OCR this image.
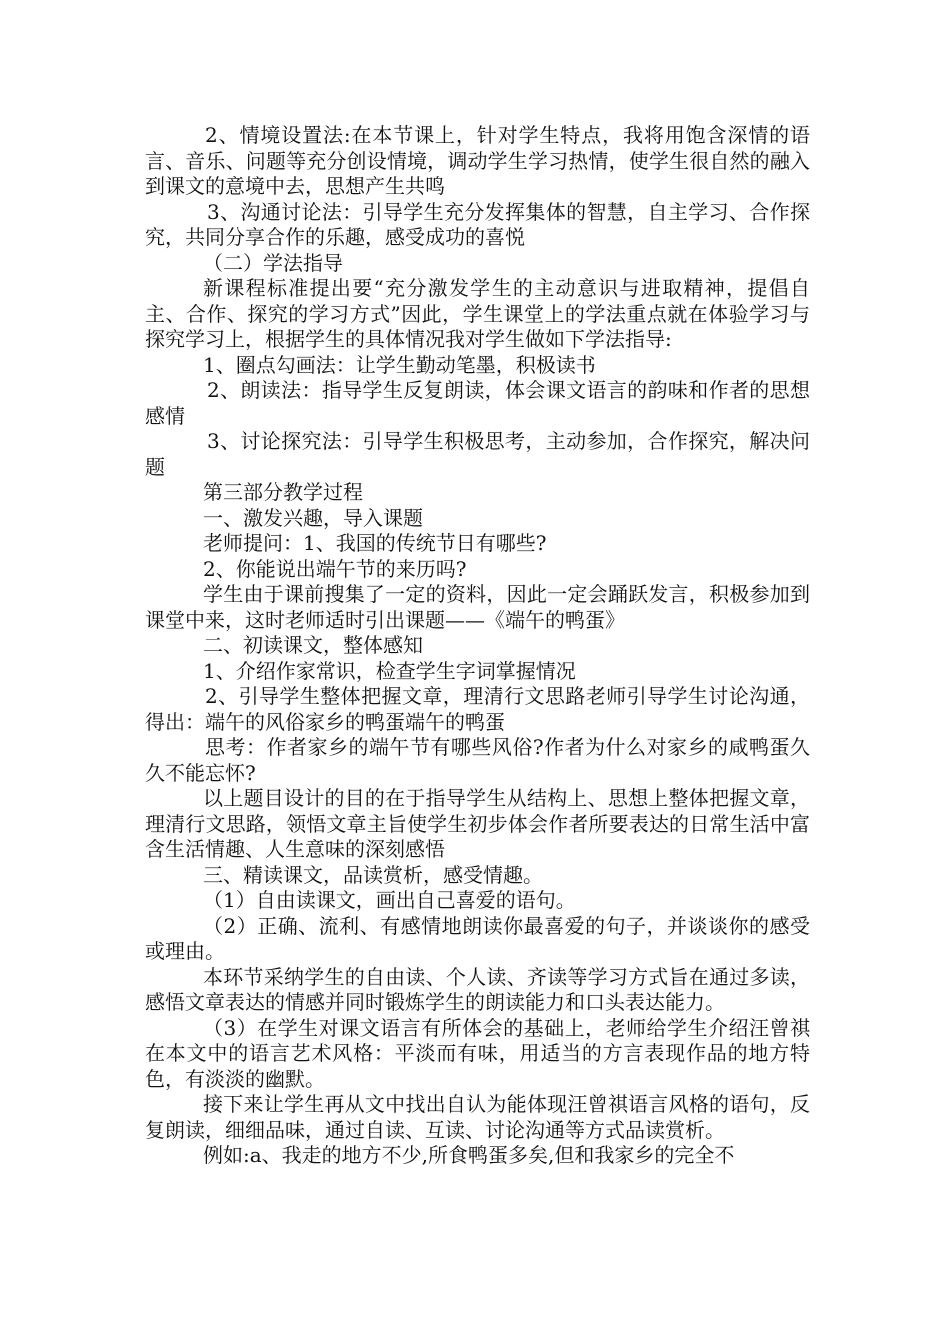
2、情境设置法:在本节课上，针对学生特点，我将用饱含深情的语言、音乐、问题等充分创设情境，调动学生学习热情，使学生很自然的融入到课文的意境中去，思想产生共鸣

3、沟通讨论法：引导学生充分发挥集体的智慧，自主学习、合作探究，共同分享合作的乐趣，感受成功的喜悦

（二）学法指导

新课程标准提出要“充分激发学生的主动意识与进取精神，提倡自主、合作、探究的学习方式”因此，学生课堂上的学法重点就在体验学习与探究学习上，根据学生的具体情况我对学生做如下学法指导:

1、圈点勾画法：让学生勤动笔墨，积极读书

2、朗读法：指导学生反复朗读，体会课文语言的韵味和作者的思想感情

3、讨论探究法：引导学生积极思考，主动参加，合作探究，解决问题

第三部分教学过程

一、激发兴趣，导入课题

老师提问：1、我国的传统节日有哪些?

2、你能说出端午节的来历吗?

学生由于课前搜集了一定的资料，因此一定会踊跃发言，积极参加到课堂中来，这时老师适时引出课题——《端午的鸭蛋》

二、初读课文，整体感知

1、介绍作家常识，检查学生字词掌握情况

2、引导学生整体把握文章，理清行文思路老师引导学生讨论沟通，得出：端午的风俗家乡的鸭蛋端午的鸭蛋

思考：作者家乡的端午节有哪些风俗?作者为什么对家乡的咸鸭蛋久久不能忘怀?

以上题目设计的目的在于指导学生从结构上、思想上整体把握文章，理清行文思路，领悟文章主旨使学生初步体会作者所要表达的日常生活中富含生活情趣、人生意味的深刻感悟

三、精读课文，品读赏析，感受情趣。

（1）自由读课文，画出自己喜爱的语句。

（2）正确、流利、有感情地朗读你最喜爱的句子，并谈谈你的感受或理由。

本环节采纳学生的自由读、个人读、齐读等学习方式旨在通过多读，感悟文章表达的情感并同时锻炼学生的朗读能力和口头表达能力。

（3）在学生对课文语言有所体会的基础上，老师给学生介绍汪曾祺在本文中的语言艺术风格：平淡而有味，用适当的方言表现作品的地方特色，有淡淡的幽默。

接下来让学生再从文中找出自认为能体现汪曾祺语言风格的语句，反复朗读，细细品味，通过自读、互读、讨论沟通等方式品读赏析。

例如:a、我走的地方不少,所食鸭蛋多矣,但和我家乡的完全不
